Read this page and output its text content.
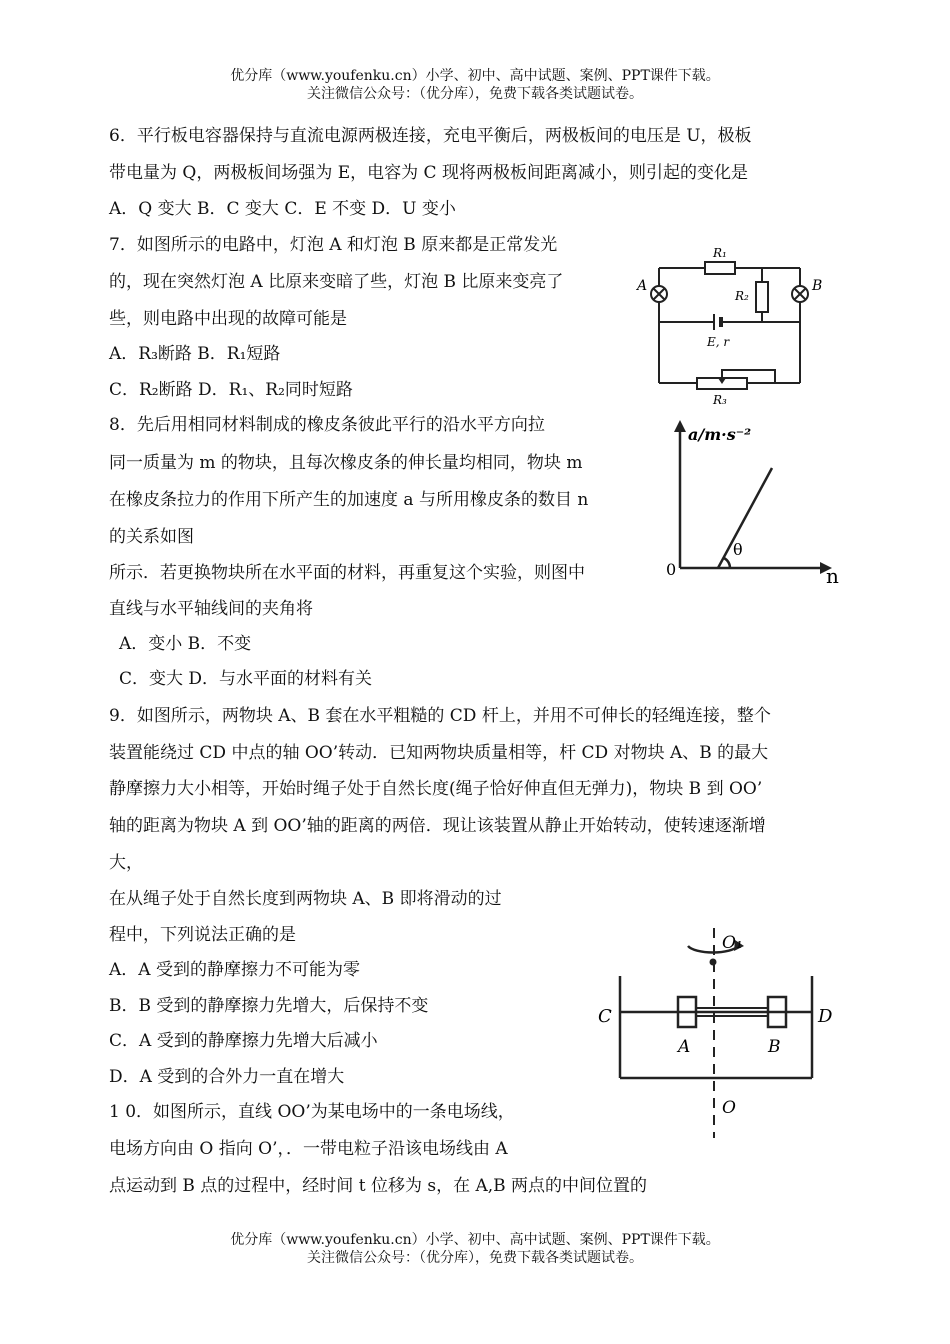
优分库（www.youfenku.cn）小学、初中、高中试题、案例、PPT课件下载。
关注微信公众号：（优分库），免费下载各类试题试卷。
6．平行板电容器保持与直流电源两极连接，充电平衡后，两极板间的电压是 U，极板
带电量为 Q，两极板间场强为 E，电容为 C 现将两极板间距离减小，则引起的变化是
A．Q 变大 B．C 变大 C．E 不变 D．U 变小
7．如图所示的电路中，灯泡 A 和灯泡 B 原来都是正常发光
的，现在突然灯泡 A 比原来变暗了些，灯泡 B 比原来变亮了
些，则电路中出现的故障可能是
A．R₃断路 B．R₁短路
C．R₂断路 D．R₁、R₂同时短路
R₁
R₂
A	B
E, r
R₃
8．先后用相同材料制成的橡皮条彼此平行的沿水平方向拉
同一质量为 m 的物块，且每次橡皮条的伸长量均相同，物块 m
在橡皮条拉力的作用下所产生的加速度 a 与所用橡皮条的数目 n
的关系如图
所示．若更换物块所在水平面的材料，再重复这个实验，则图中
直线与水平轴线间的夹角将
A．变小 B．不变
C．变大 D．与水平面的材料有关
a/m·s⁻²
n
0
θ
9．如图所示，两物块 A、B 套在水平粗糙的 CD 杆上，并用不可伸长的轻绳连接，整个
装置能绕过 CD 中点的轴 OO’转动．已知两物块质量相等，杆 CD 对物块 A、B 的最大
静摩擦力大小相等，开始时绳子处于自然长度(绳子恰好伸直但无弹力)，物块 B 到 OO’
轴的距离为物块 A 到 OO’轴的距离的两倍．现让该装置从静止开始转动，使转速逐渐增
大，
在从绳子处于自然长度到两物块 A、B 即将滑动的过
程中，下列说法正确的是
A．A 受到的静摩擦力不可能为零
B．B 受到的静摩擦力先增大，后保持不变
C．A 受到的静摩擦力先增大后减小
D．A 受到的合外力一直在增大
O₁
O
C	D
A	B
1 0．如图所示，直线 OO’为某电场中的一条电场线，
电场方向由 O 指向 O’，．一带电粒子沿该电场线由 A
点运动到 B 点的过程中，经时间 t 位移为 s，在 A,B 两点的中间位置的
优分库（www.youfenku.cn）小学、初中、高中试题、案例、PPT课件下载。
关注微信公众号：（优分库），免费下载各类试题试卷。
